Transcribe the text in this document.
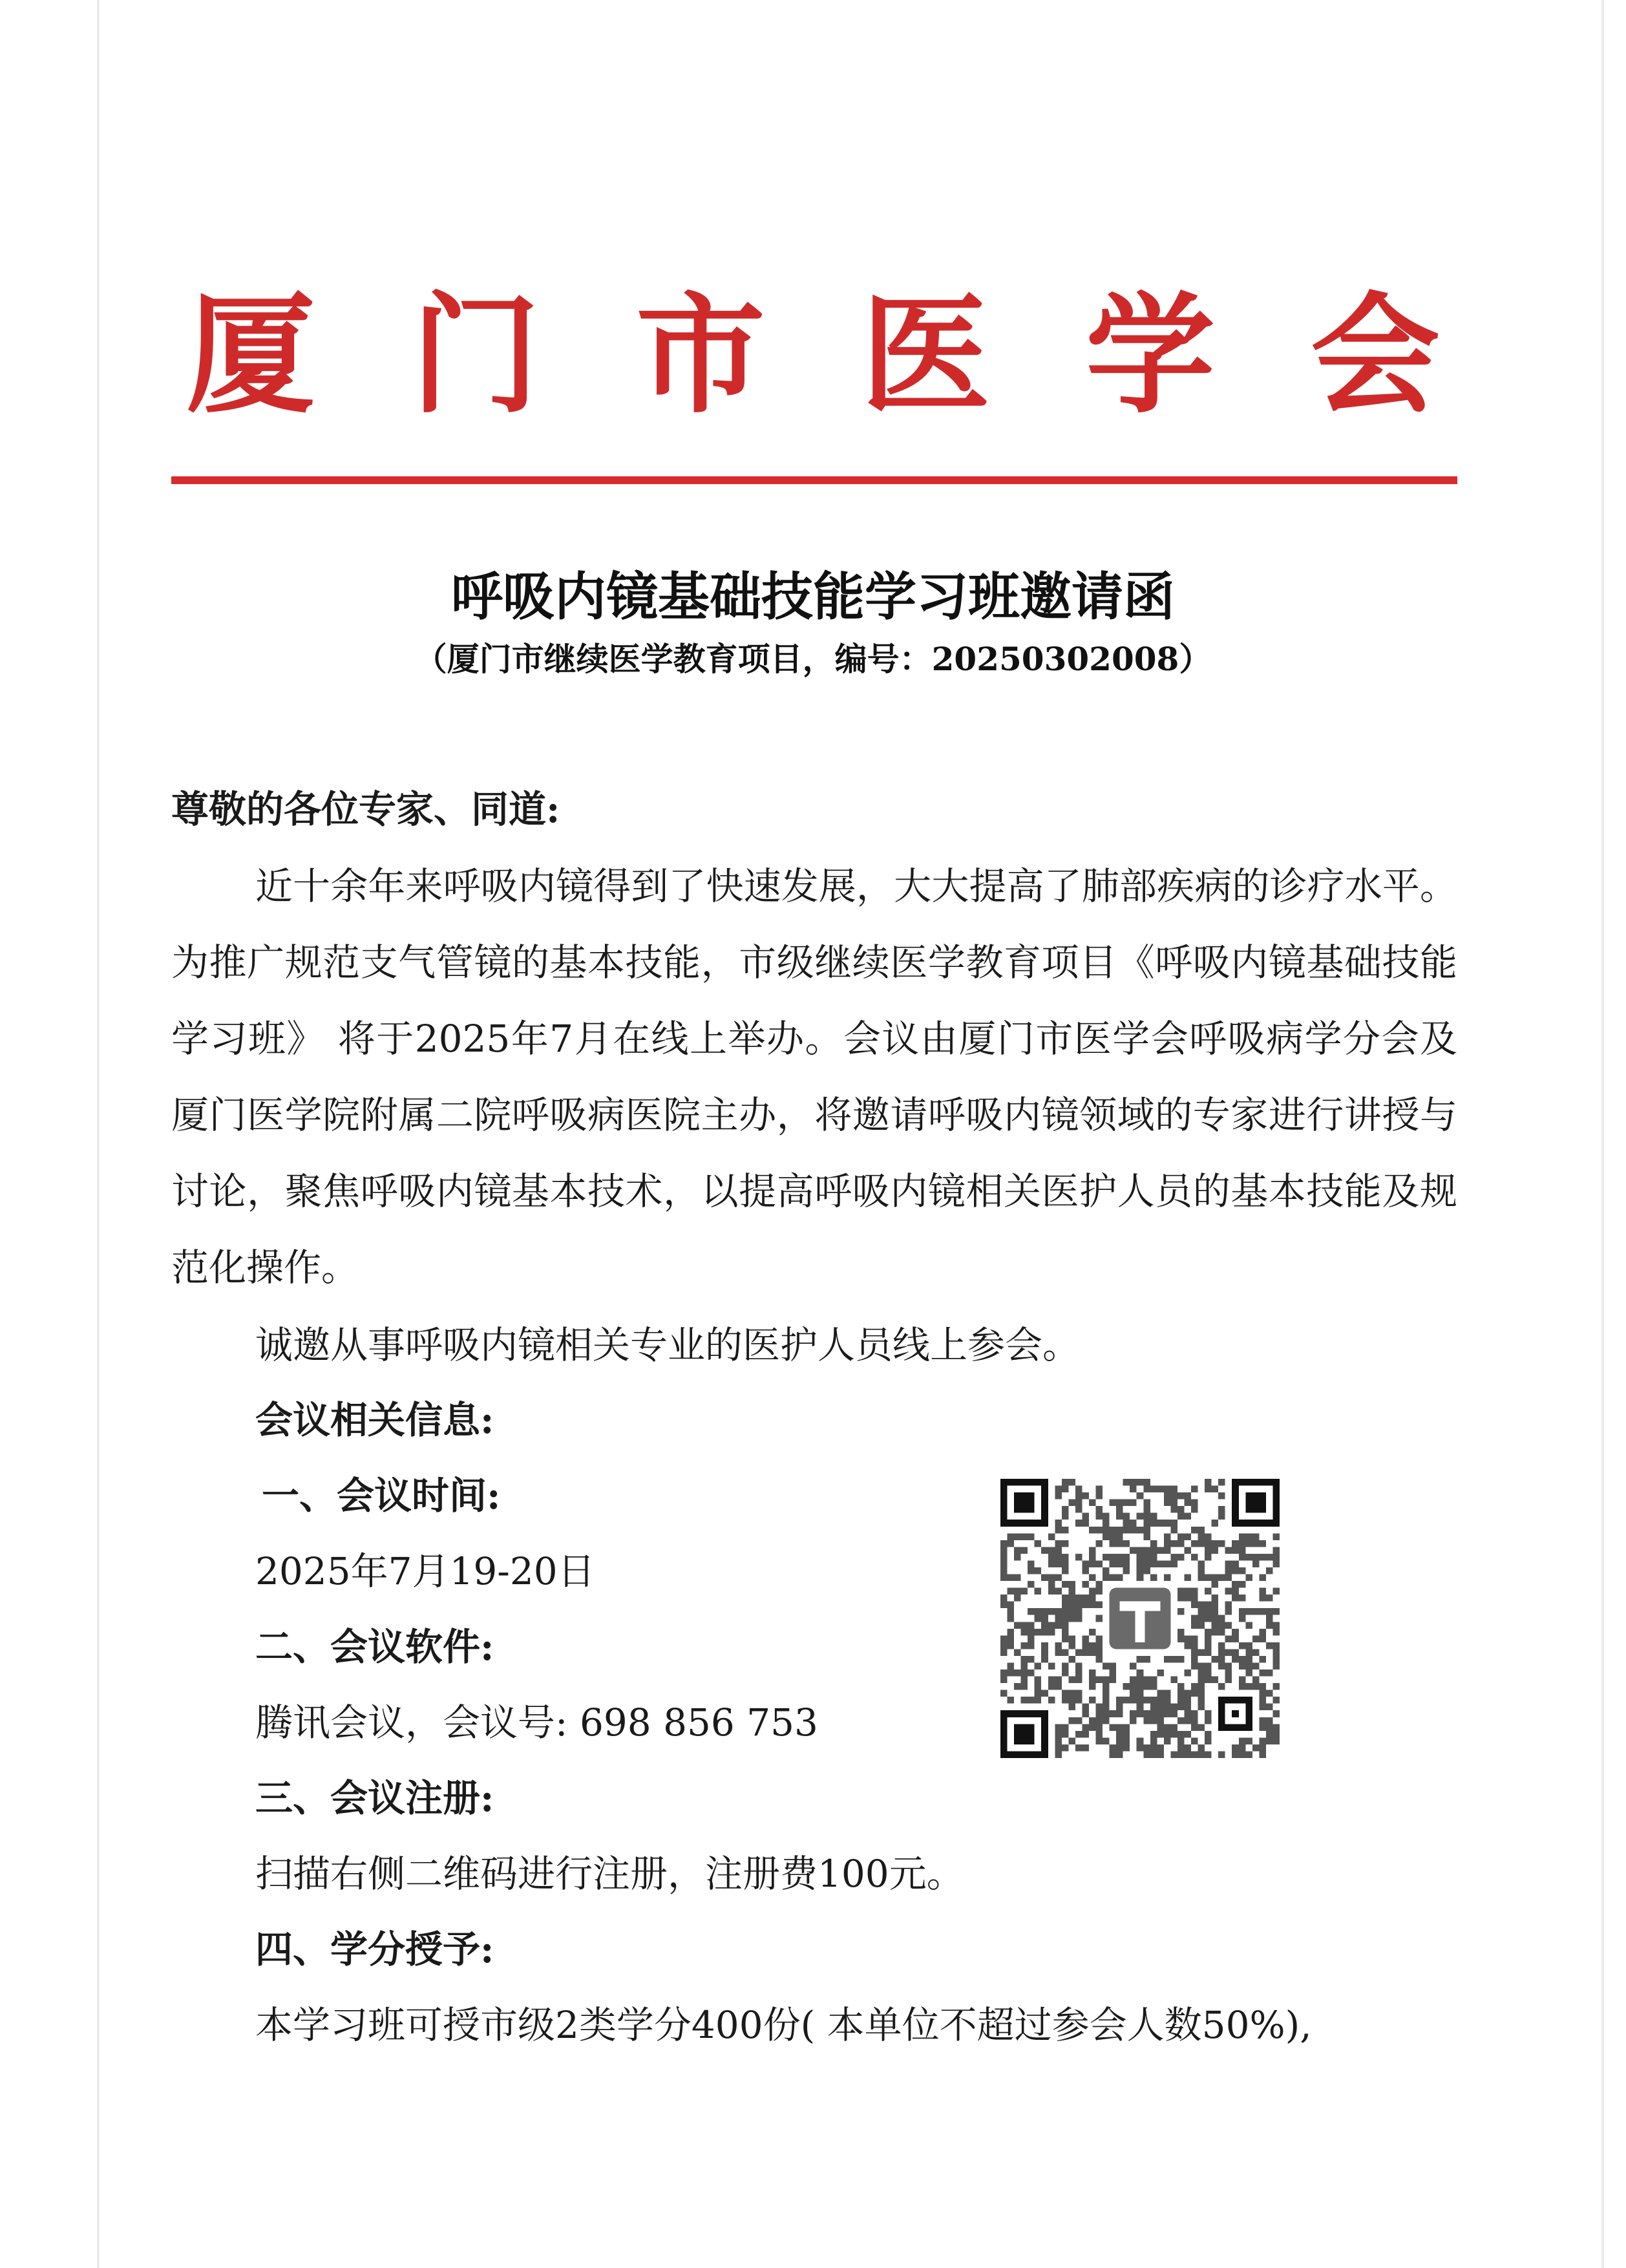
厦门市医学会
呼吸内镜基础技能学习班邀请函
（厦门市继续医学教育项目，编号：20250302008）
尊敬的各位专家、同道:
近十余年来呼吸内镜得到了快速发展，大大提高了肺部疾病的诊疗水平。为推广规范支气管镜的基本技能，市级继续医学教育项目《呼吸内镜基础技能学习班》 将于2025年7月在线上举办。会议由厦门市医学会呼吸病学分会及厦门医学院附属二院呼吸病医院主办，将邀请呼吸内镜领域的专家进行讲授与讨论，聚焦呼吸内镜基本技术，以提高呼吸内镜相关医护人员的基本技能及规范化操作。
诚邀从事呼吸内镜相关专业的医护人员线上参会。
会议相关信息:
一、会议时间:
2025年7月19-20日
二、会议软件:
腾讯会议，会议号: 698 856 753
三、会议注册:
扫描右侧二维码进行注册，注册费100元。
四、学分授予:
本学习班可授市级2类学分400份( 本单位不超过参会人数50%),
